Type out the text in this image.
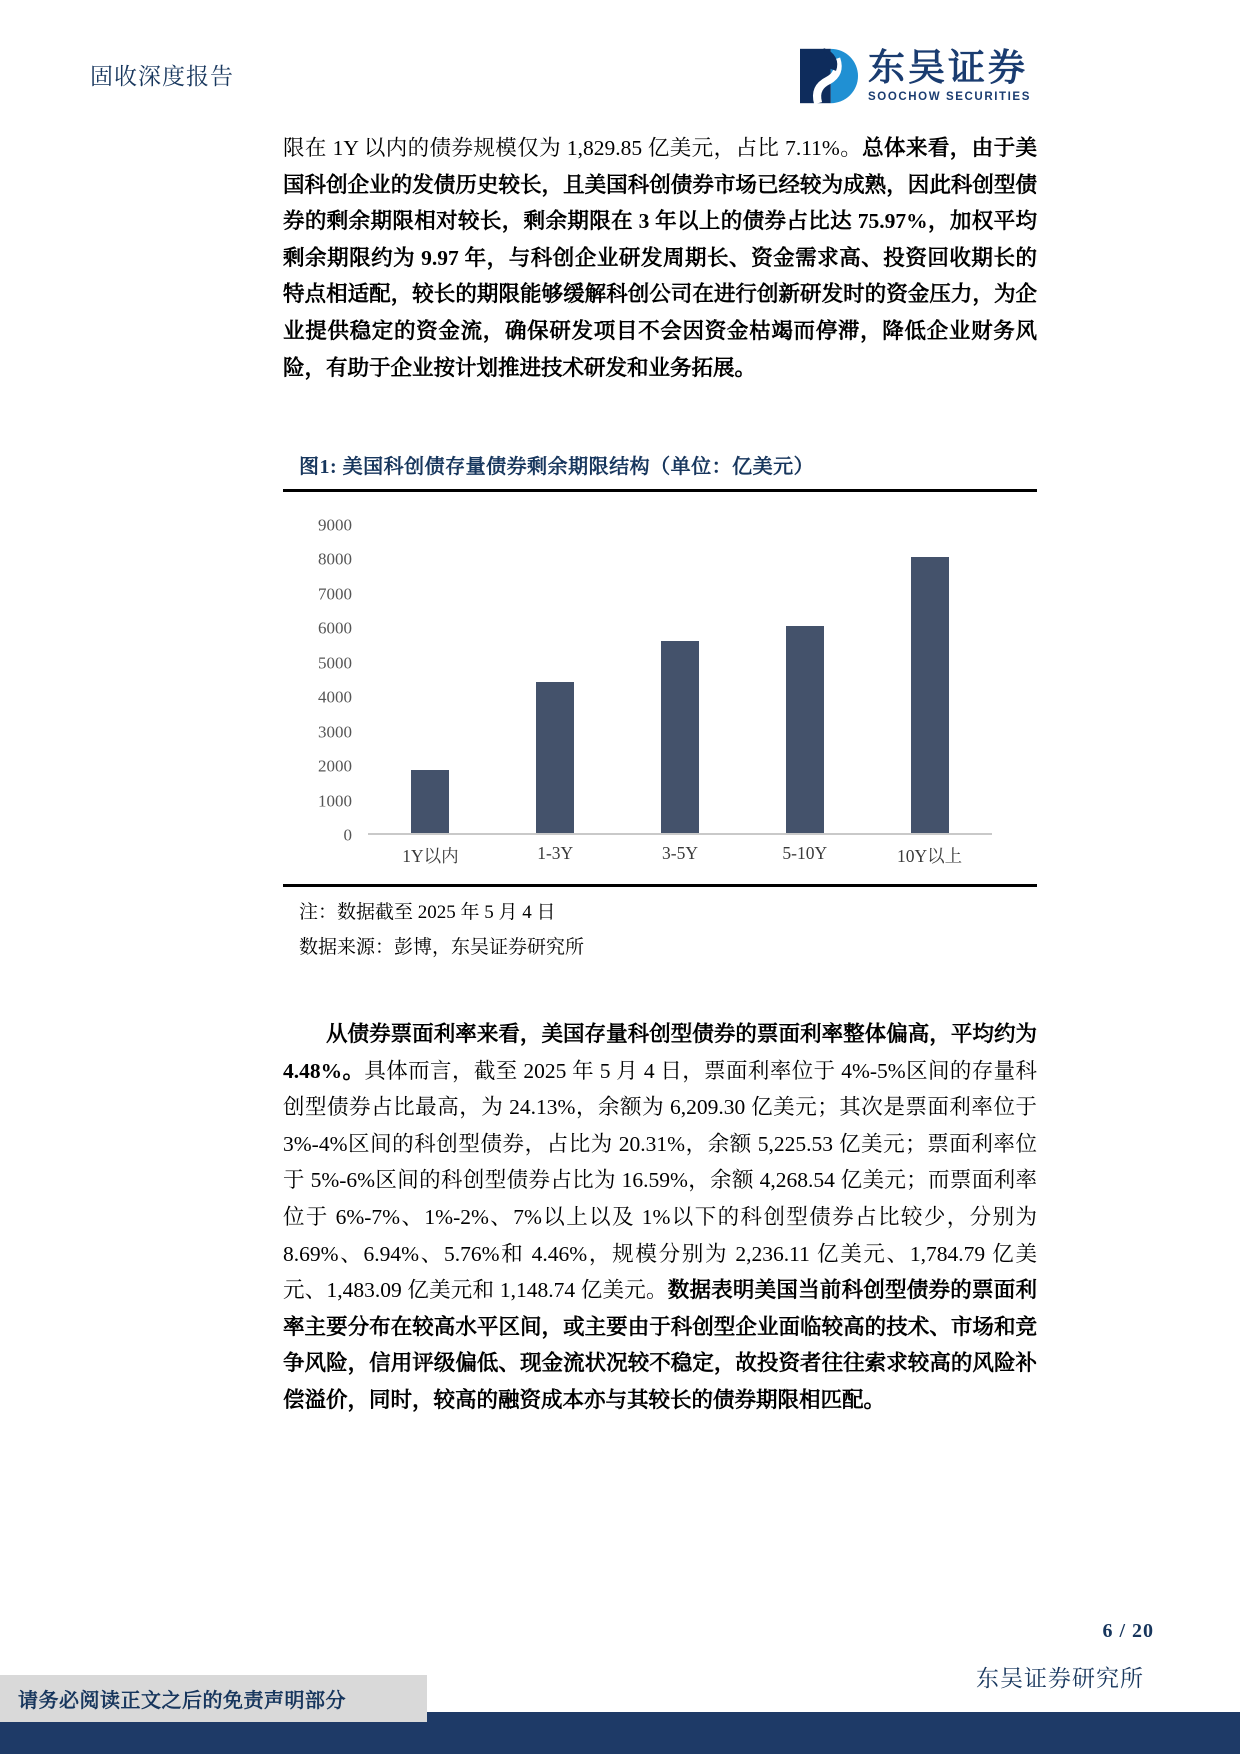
固收深度报告	东吴证券
SOOCHOW SECURITIES

限在 1Y 以内的债券规模仅为 1,829.85 亿美元，占比 7.11%。总体来看，由于美国科创企业的发债历史较长，且美国科创债券市场已经较为成熟，因此科创型债券的剩余期限相对较长，剩余期限在 3 年以上的债券占比达 75.97%，加权平均剩余期限约为 9.97 年，与科创企业研发周期长、资金需求高、投资回收期长的特点相适配，较长的期限能够缓解科创公司在进行创新研发时的资金压力，为企业提供稳定的资金流，确保研发项目不会因资金枯竭而停滞，降低企业财务风险，有助于企业按计划推进技术研发和业务拓展。

图1: 美国科创债存量债券剩余期限结构（单位：亿美元）
0
1000
2000
3000
4000
5000
6000
7000
8000
9000
1Y以内	1-3Y	3-5Y	5-10Y	10Y以上
注：数据截至 2025 年 5 月 4 日
数据来源：彭博，东吴证券研究所

从债券票面利率来看，美国存量科创型债券的票面利率整体偏高，平均约为 4.48%。具体而言，截至 2025 年 5 月 4 日，票面利率位于 4%-5%区间的存量科创型债券占比最高，为 24.13%，余额为 6,209.30 亿美元；其次是票面利率位于 3%-4%区间的科创型债券，占比为 20.31%，余额 5,225.53 亿美元；票面利率位于 5%-6%区间的科创型债券占比为 16.59%，余额 4,268.54 亿美元；而票面利率位于 6%-7%、1%-2%、7%以上以及 1%以下的科创型债券占比较少，分别为 8.69%、6.94%、5.76%和 4.46%，规模分别为 2,236.11 亿美元、1,784.79 亿美元、1,483.09 亿美元和 1,148.74 亿美元。数据表明美国当前科创型债券的票面利率主要分布在较高水平区间，或主要由于科创型企业面临较高的技术、市场和竞争风险，信用评级偏低、现金流状况较不稳定，故投资者往往索求较高的风险补偿溢价，同时，较高的融资成本亦与其较长的债券期限相匹配。

6 / 20
东吴证券研究所
请务必阅读正文之后的免责声明部分
